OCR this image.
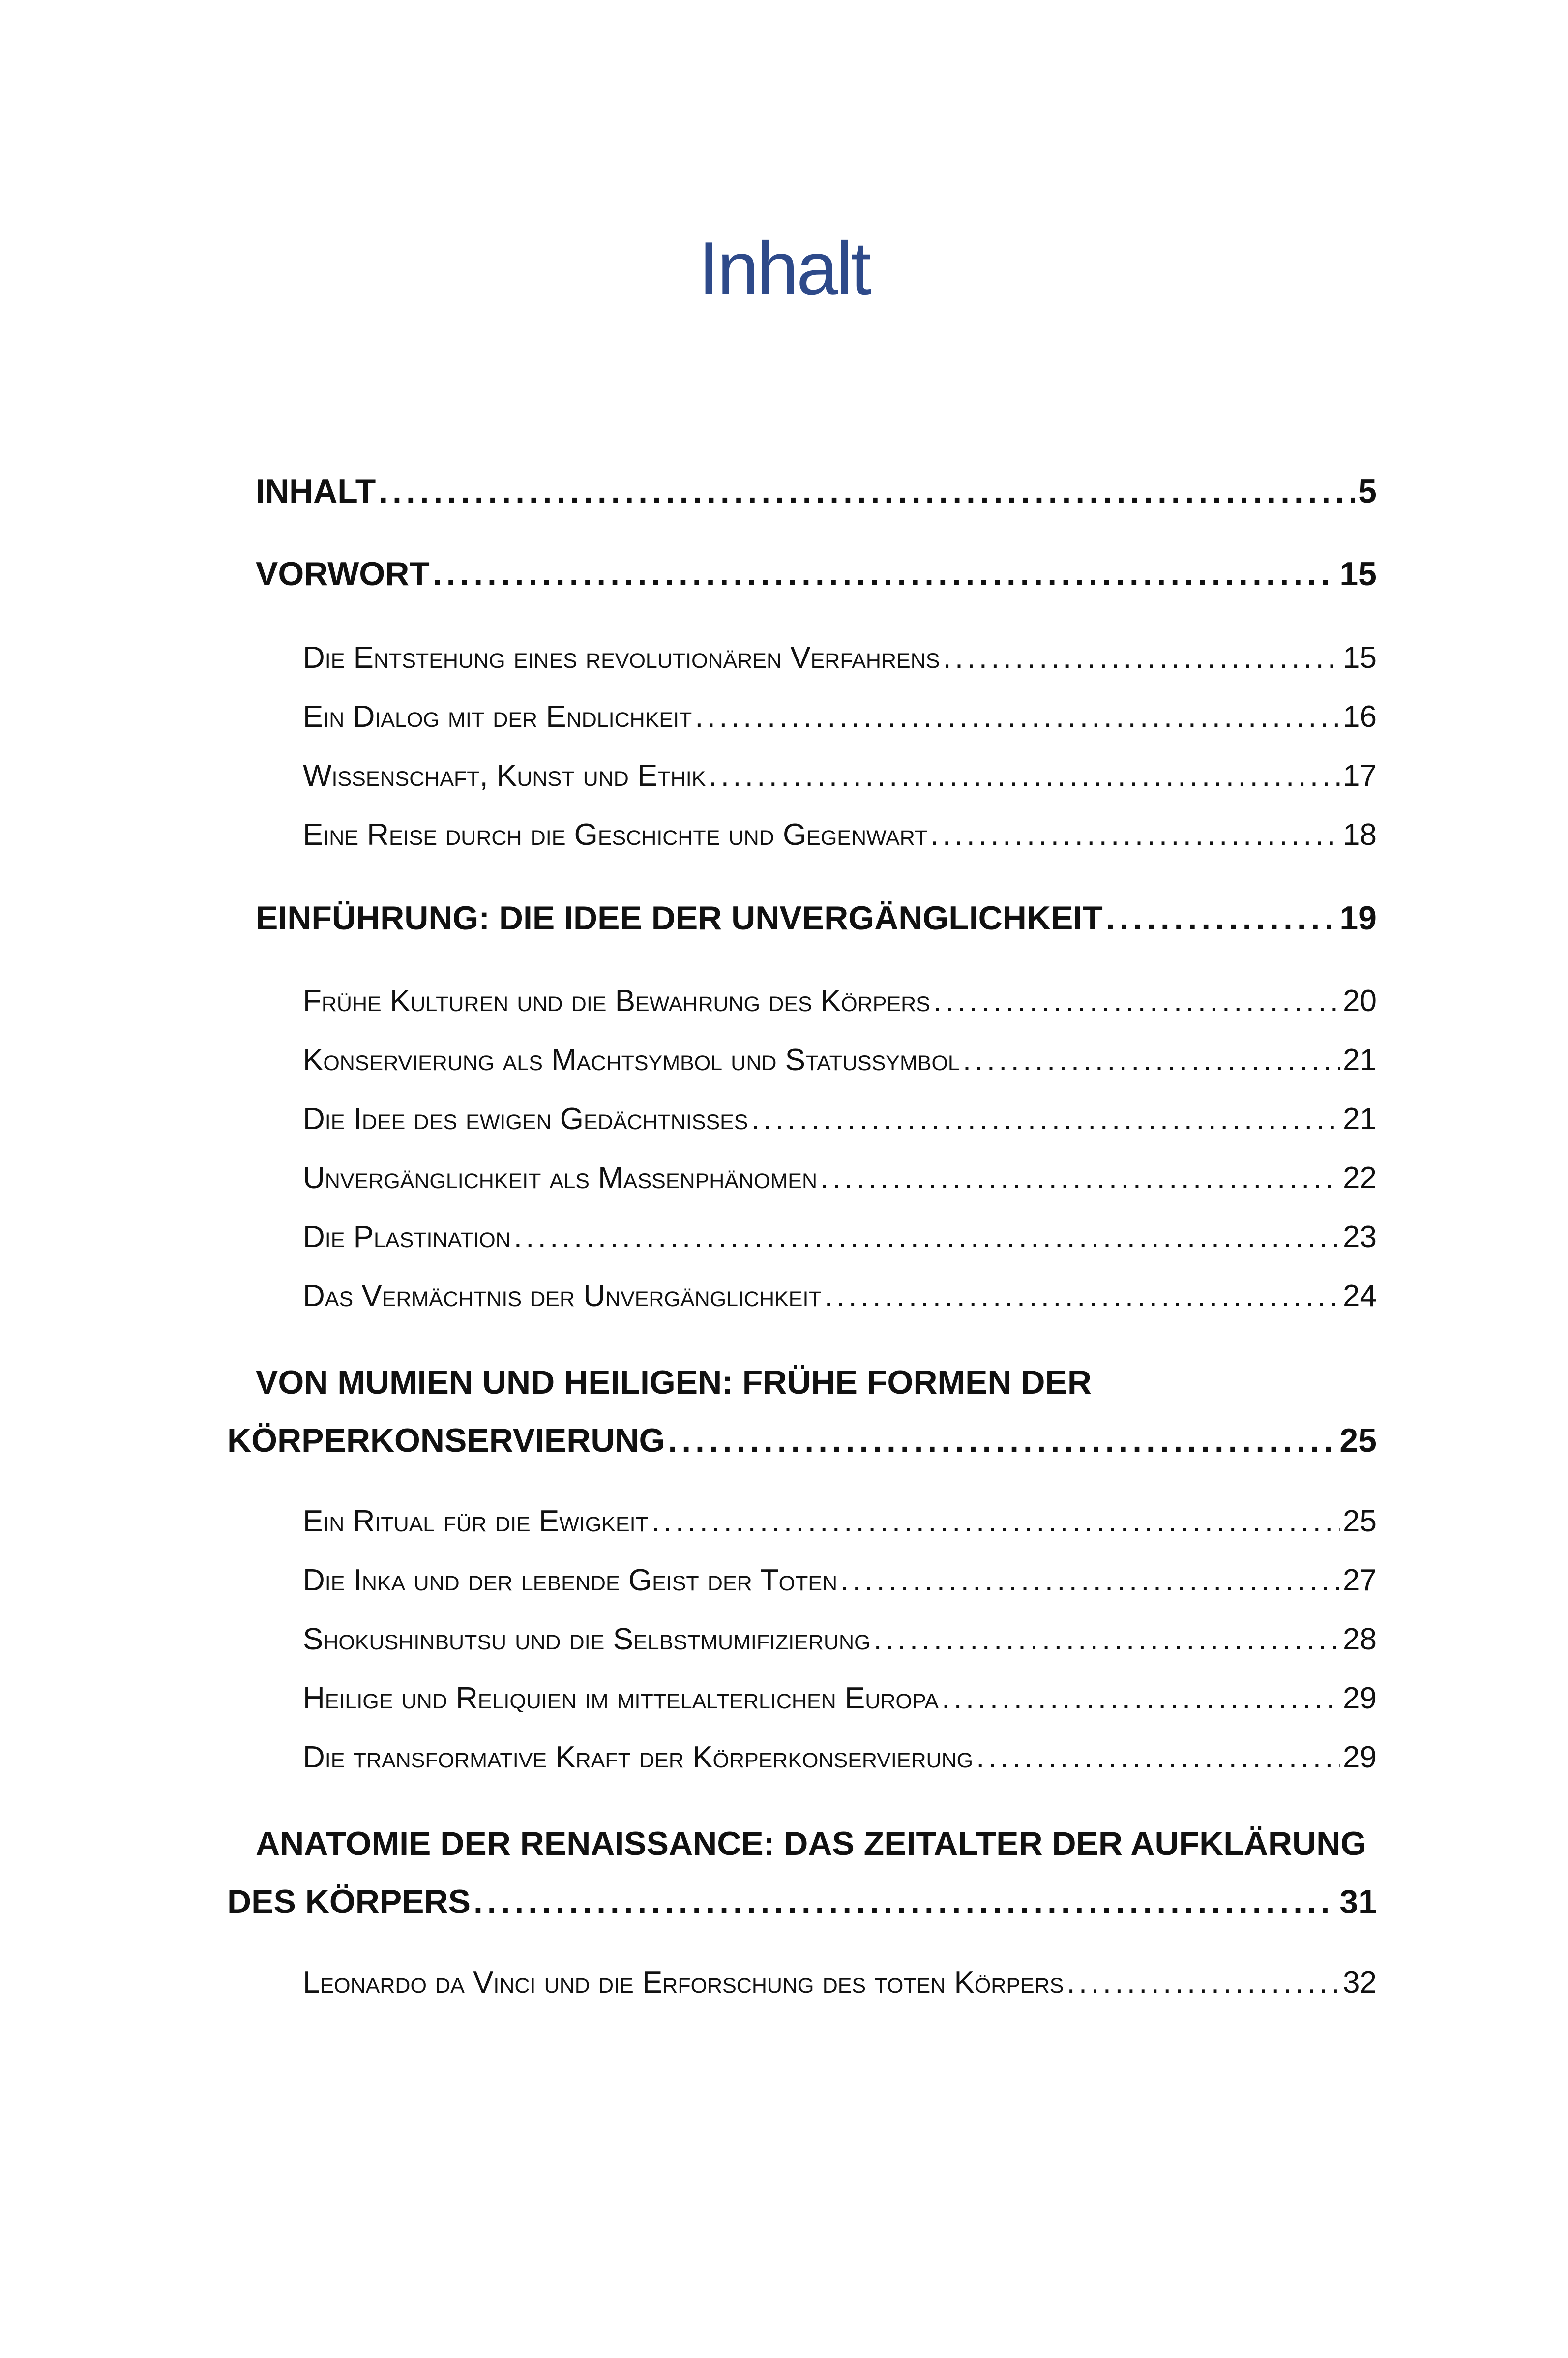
Inhalt
INHALT . . .	5
VORWORT . . .	15
Die Entstehung eines revolutionären Verfahrens . . .	15
Ein Dialog mit der Endlichkeit . . .	16
Wissenschaft, Kunst und Ethik . . .	17
Eine Reise durch die Geschichte und Gegenwart . . .	18
EINFÜHRUNG: DIE IDEE DER UNVERGÄNGLICHKEIT . . .	19
Frühe Kulturen und die Bewahrung des Körpers . . .	20
Konservierung als Machtsymbol und Statussymbol . . .	21
Die Idee des ewigen Gedächtnisses . . .	21
Unvergänglichkeit als Massenphänomen . . .	22
Die Plastination . . .	23
Das Vermächtnis der Unvergänglichkeit . . .	24
VON MUMIEN UND HEILIGEN: FRÜHE FORMEN DER
KÖRPERKONSERVIERUNG . . .	25
Ein Ritual für die Ewigkeit . . .	25
Die Inka und der lebende Geist der Toten . . .	27
Shokushinbutsu und die Selbstmumifizierung . . .	28
Heilige und Reliquien im mittelalterlichen Europa . . .	29
Die transformative Kraft der Körperkonservierung . . .	29
ANATOMIE DER RENAISSANCE: DAS ZEITALTER DER AUFKLÄRUNG
DES KÖRPERS . . .	31
Leonardo da Vinci und die Erforschung des toten Körpers . . .	32
